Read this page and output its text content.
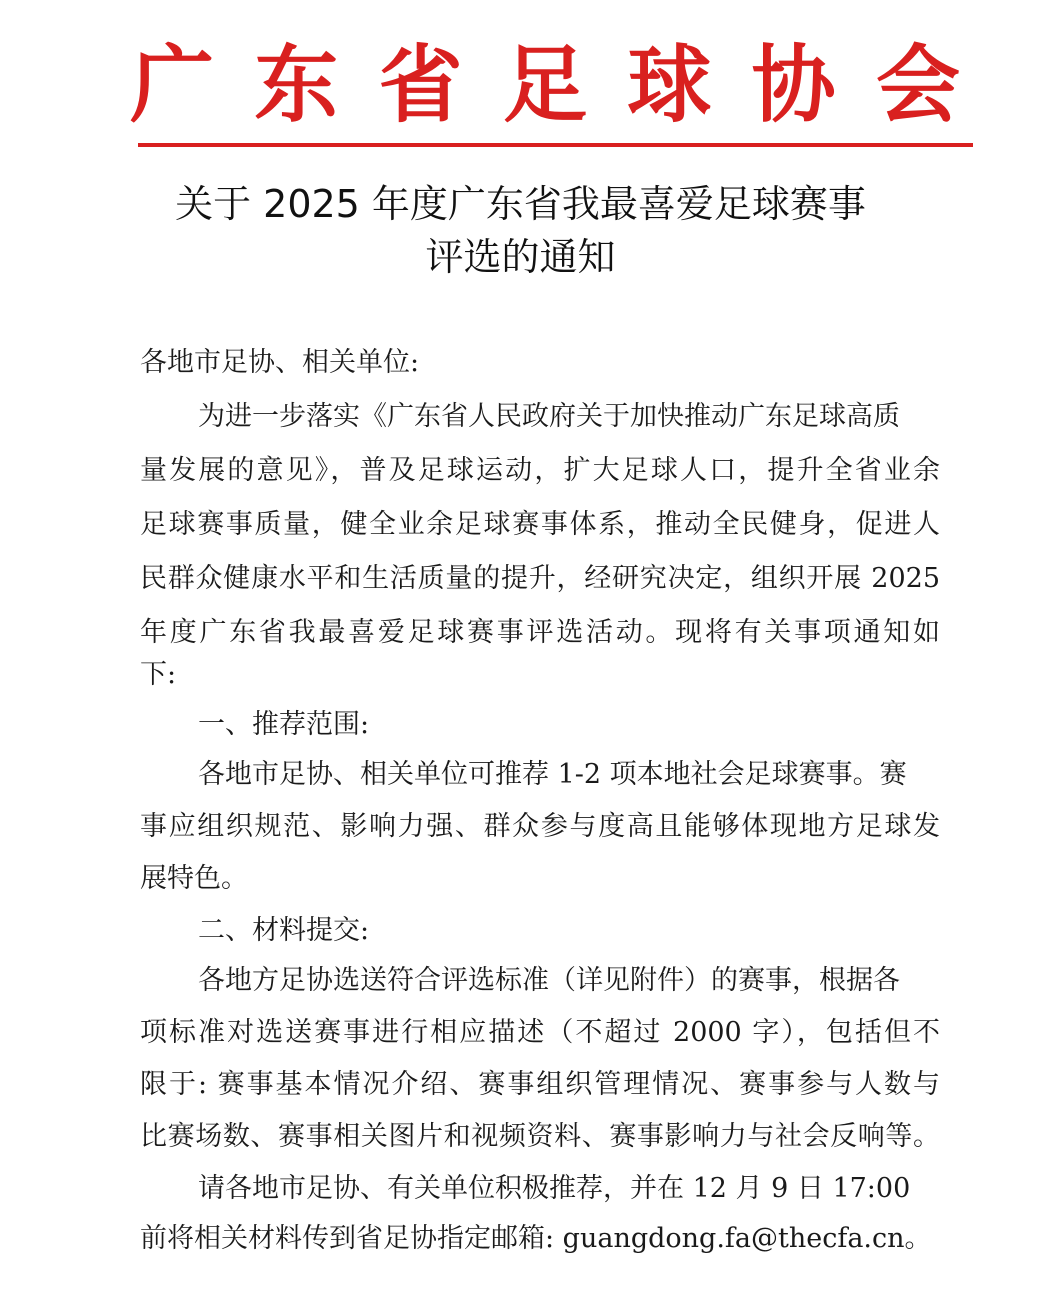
广 东 省 足 球 协 会
关于 2025 年度广东省我最喜爱足球赛事
评选的通知
各地市足协、相关单位:
为进一步落实《广东省人民政府关于加快推动广东足球高质
量发展的意见》，普及足球运动，扩大足球人口，提升全省业余
足球赛事质量，健全业余足球赛事体系，推动全民健身，促进人
民群众健康水平和生活质量的提升，经研究决定，组织开展 2025
年度广东省我最喜爱足球赛事评选活动。现将有关事项通知如
下:
一、推荐范围:
各地市足协、相关单位可推荐 1-2 项本地社会足球赛事。赛
事应组织规范、影响力强、群众参与度高且能够体现地方足球发
展特色。
二、材料提交:
各地方足协选送符合评选标准（详见附件）的赛事，根据各
项标准对选送赛事进行相应描述（不超过 2000 字），包括但不
限于: 赛事基本情况介绍、赛事组织管理情况、赛事参与人数与
比赛场数、赛事相关图片和视频资料、赛事影响力与社会反响等。
请各地市足协、有关单位积极推荐，并在 12 月 9 日 17:00
前将相关材料传到省足协指定邮箱: guangdong.fa@thecfa.cn。
